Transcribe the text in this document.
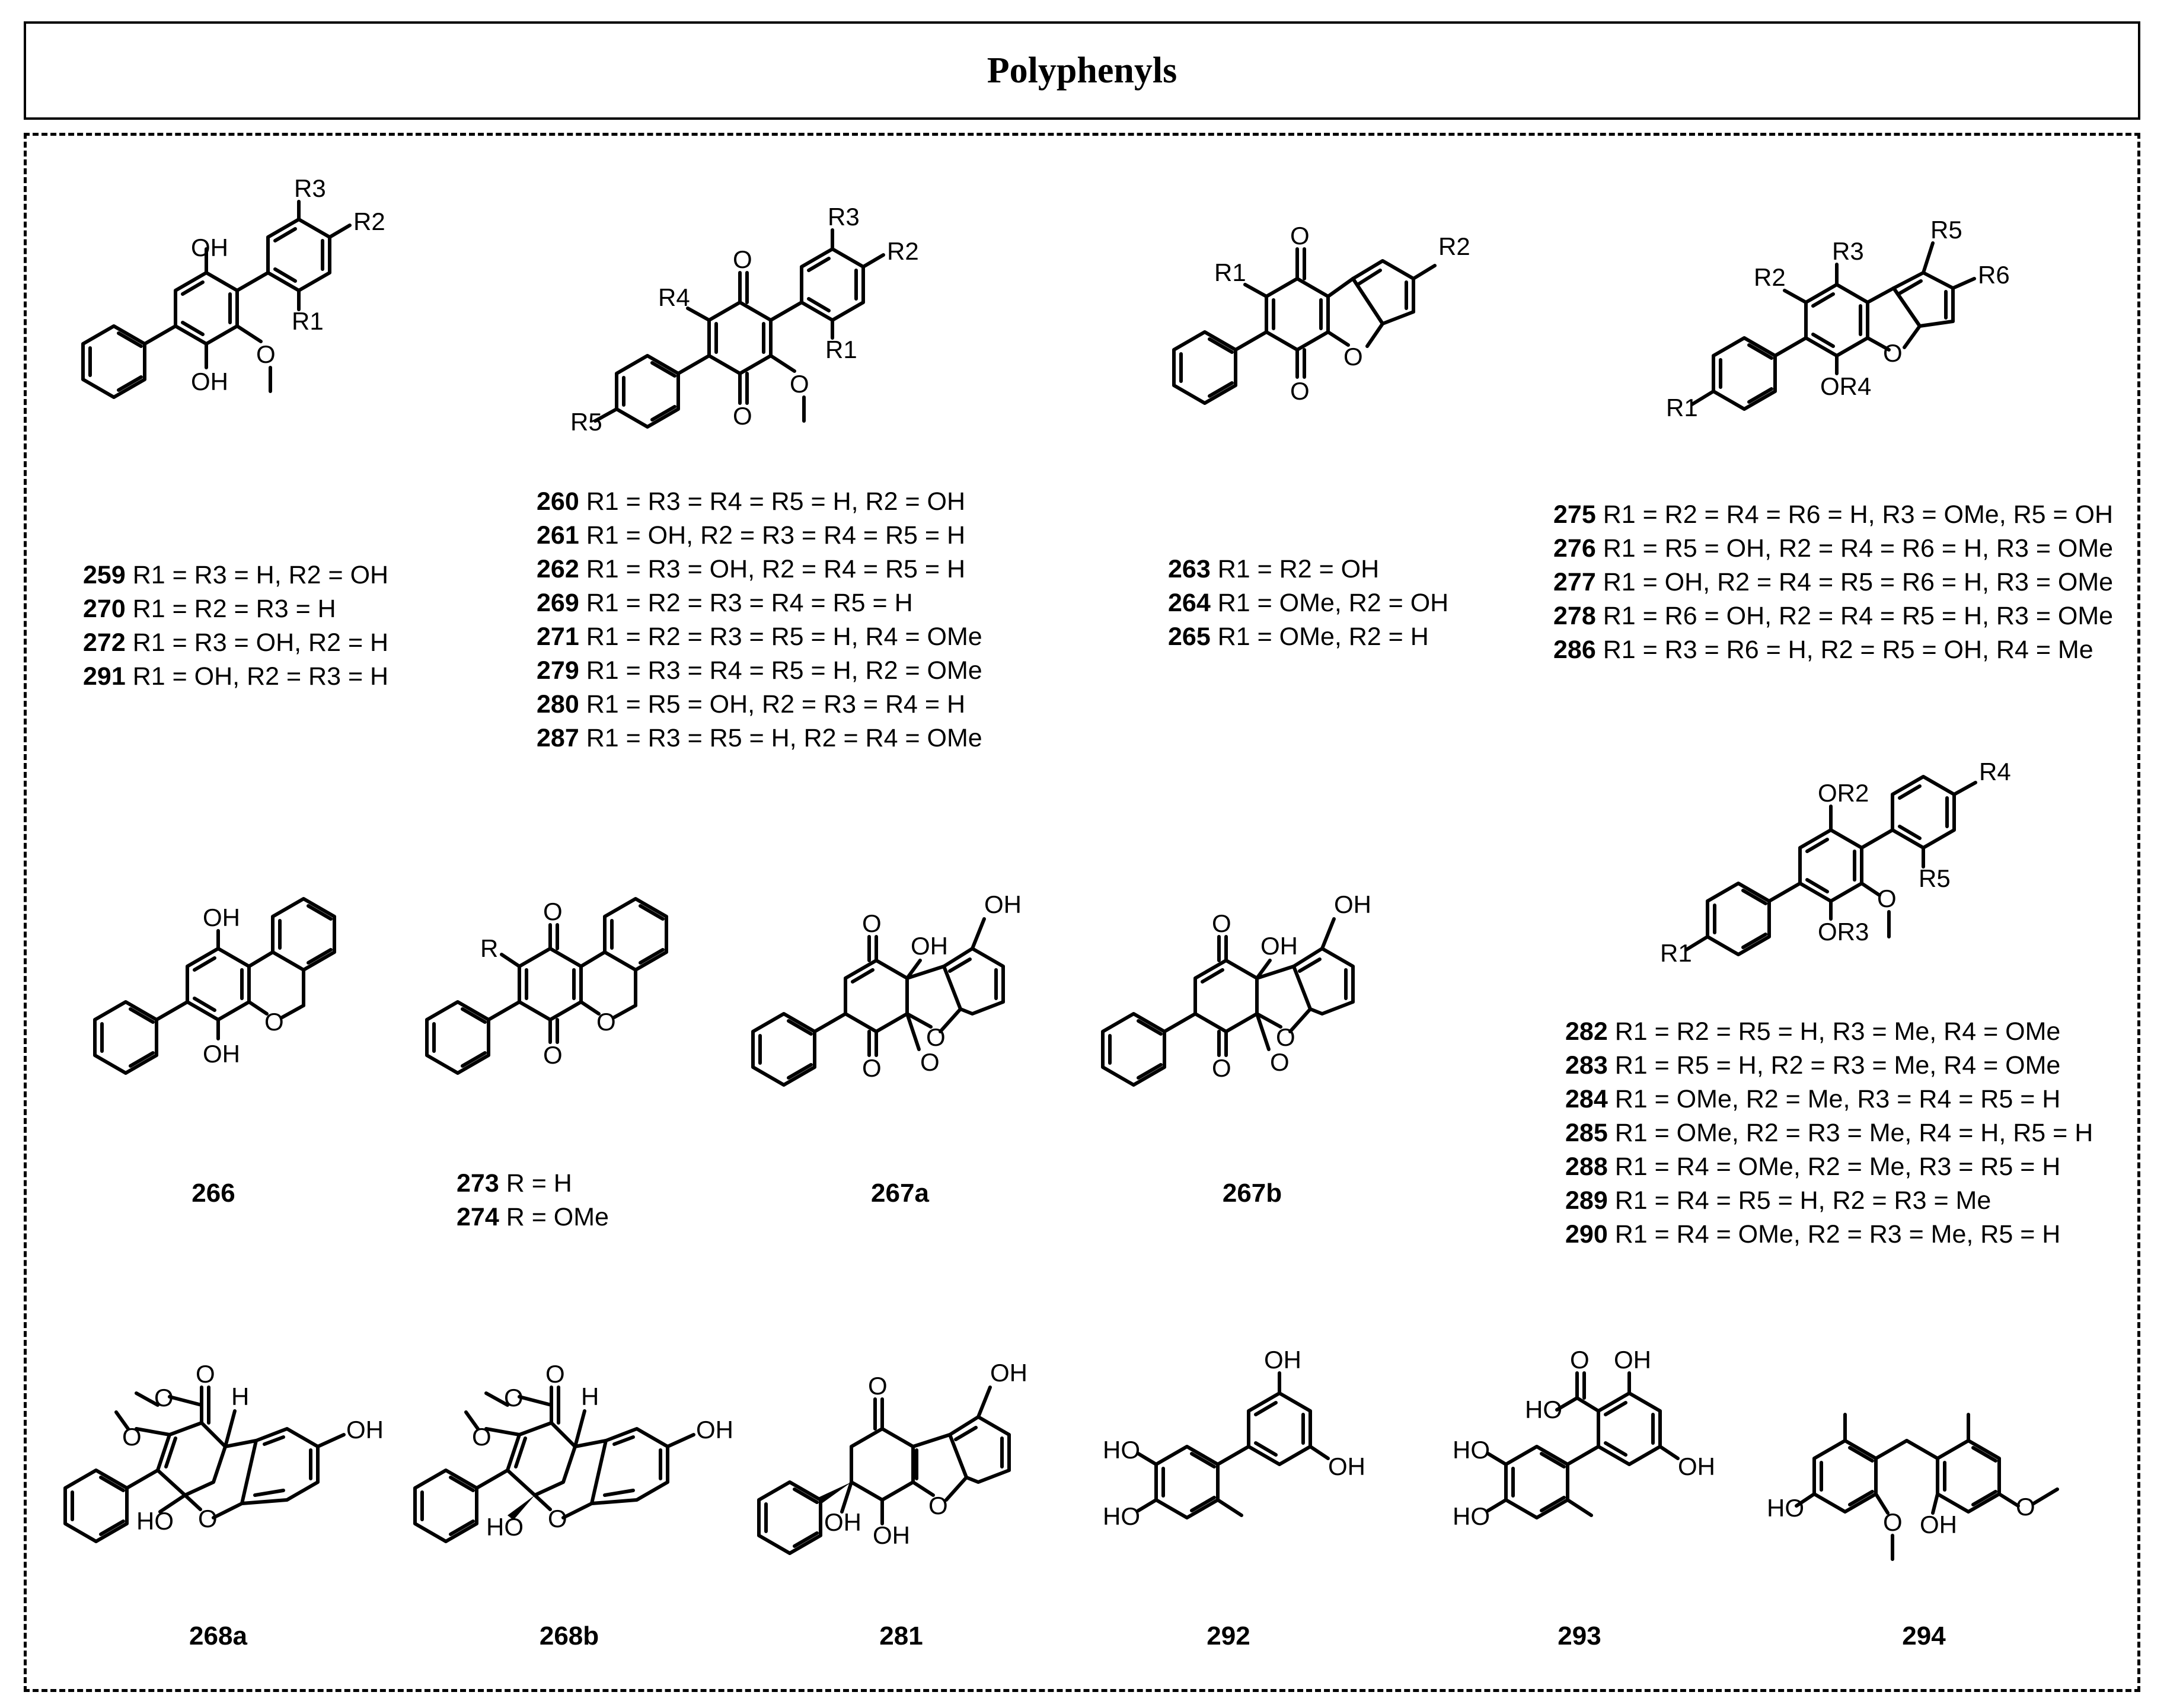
Polyphenyls
OH
OH
O
R3
R2
R1
259 R1 = R3 = H, R2 = OH
270 R1 = R2 = R3 = H
272 R1 = R3 = OH, R2 = H
291 R1 = OH, R2 = R3 = H
R5
O
O
R4
O
R3
R2
R1
260 R1 = R3 = R4 = R5 = H, R2 = OH
261 R1 = OH, R2 = R3 = R4 = R5 = H
262 R1 = R3 = OH, R2 = R4 = R5 = H
269 R1 = R2 = R3 = R4 = R5 = H
271 R1 = R2 = R3 = R5 = H, R4 = OMe
279 R1 = R3 = R4 = R5 = H, R2 = OMe
280 R1 = R5 = OH, R2 = R3 = R4 = H
287 R1 = R3 = R5 = H, R2 = R4 = OMe
O
O
R1
O
R2
263 R1 = R2 = OH
264 R1 = OMe, R2 = OH
265 R1 = OMe, R2 = H
R1
R2
R3
OR4
O
R5
R6
275 R1 = R2 = R4 = R6 = H, R3 = OMe, R5 = OH
276 R1 = R5 = OH, R2 = R4 = R6 = H, R3 = OMe
277 R1 = OH, R2 = R4 = R5 = R6 = H, R3 = OMe
278 R1 = R6 = OH, R2 = R4 = R5 = H, R3 = OMe
286 R1 = R3 = R6 = H, R2 = R5 = OH, R4 = Me
OH
OH
O
266
O
O
R
O
273 R = H
274 R = OMe
O
O
OH
O
O
OH
267a
O
O
OH
O
O
OH
267b
R1
OR2
OR3
O
R4
R5
282 R1 = R2 = R5 = H, R3 = Me, R4 = OMe
283 R1 = R5 = H, R2 = R3 = Me, R4 = OMe
284 R1 = OMe, R2 = Me, R3 = R4 = R5 = H
285 R1 = OMe, R2 = R3 = Me, R4 = H, R5 = H
288 R1 = R4 = OMe, R2 = Me, R3 = R5 = H
289 R1 = R4 = R5 = H, R2 = R3 = Me
290 R1 = R4 = OMe, R2 = R3 = Me, R5 = H
O
O H
O
HO O
OH
268a
O
O H
O
HO O
OH
268b
O
OH OH
O
OH
281
HO
HO
OH
OH
292
HO
HO
O
HO
OH
OH
293
HO
O OH
O
294
